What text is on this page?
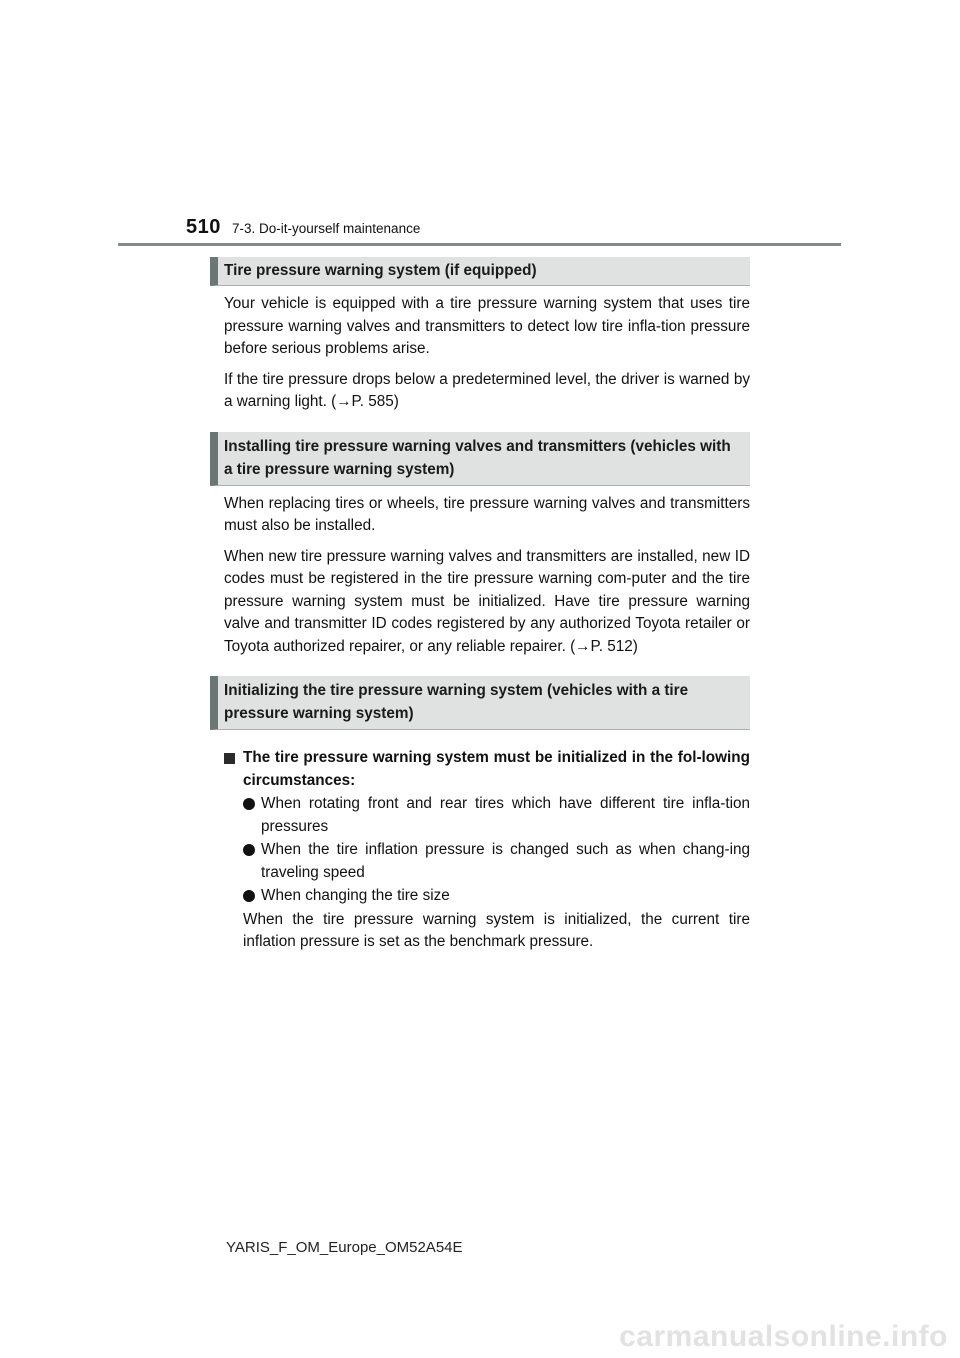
510 7-3. Do-it-yourself maintenance
Tire pressure warning system (if equipped)

Your vehicle is equipped with a tire pressure warning system that uses tire pressure warning valves and transmitters to detect low tire infla-tion pressure before serious problems arise.

If the tire pressure drops below a predetermined level, the driver is warned by a warning light. (→P. 585)

Installing tire pressure warning valves and transmitters (vehicles with a tire pressure warning system)

When replacing tires or wheels, tire pressure warning valves and transmitters must also be installed.

When new tire pressure warning valves and transmitters are installed, new ID codes must be registered in the tire pressure warning com-puter and the tire pressure warning system must be initialized. Have tire pressure warning valve and transmitter ID codes registered by any authorized Toyota retailer or Toyota authorized repairer, or any reliable repairer. (→P. 512)

Initializing the tire pressure warning system (vehicles with a tire pressure warning system)
The tire pressure warning system must be initialized in the fol-lowing circumstances:
When rotating front and rear tires which have different tire infla-tion pressures
When the tire inflation pressure is changed such as when chang-ing traveling speed
When changing the tire size

When the tire pressure warning system is initialized, the current tire inflation pressure is set as the benchmark pressure.

YARIS_F_OM_Europe_OM52A54E
carmanualsonline.info
